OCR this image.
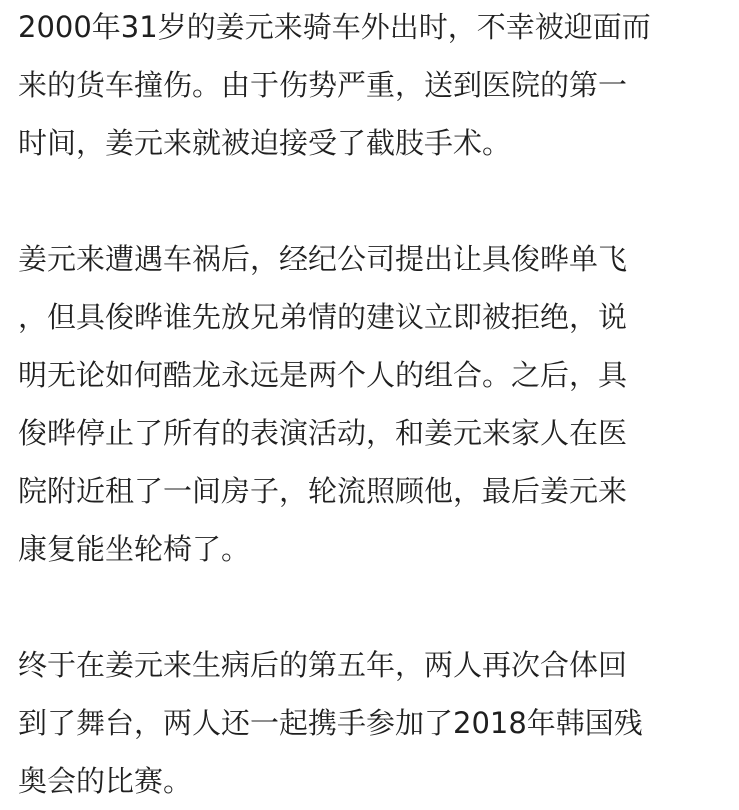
2000年31岁的姜元来骑车外出时，不幸被迎面而
来的货车撞伤。由于伤势严重，送到医院的第一
时间，姜元来就被迫接受了截肢手术。
姜元来遭遇车祸后，经纪公司提出让具俊晔单飞
，但具俊晔谁先放兄弟情的建议立即被拒绝，说
明无论如何酷龙永远是两个人的组合。之后，具
俊晔停止了所有的表演活动，和姜元来家人在医
院附近租了一间房子，轮流照顾他，最后姜元来
康复能坐轮椅了。
终于在姜元来生病后的第五年，两人再次合体回
到了舞台，两人还一起携手参加了2018年韩国残
奥会的比赛。
